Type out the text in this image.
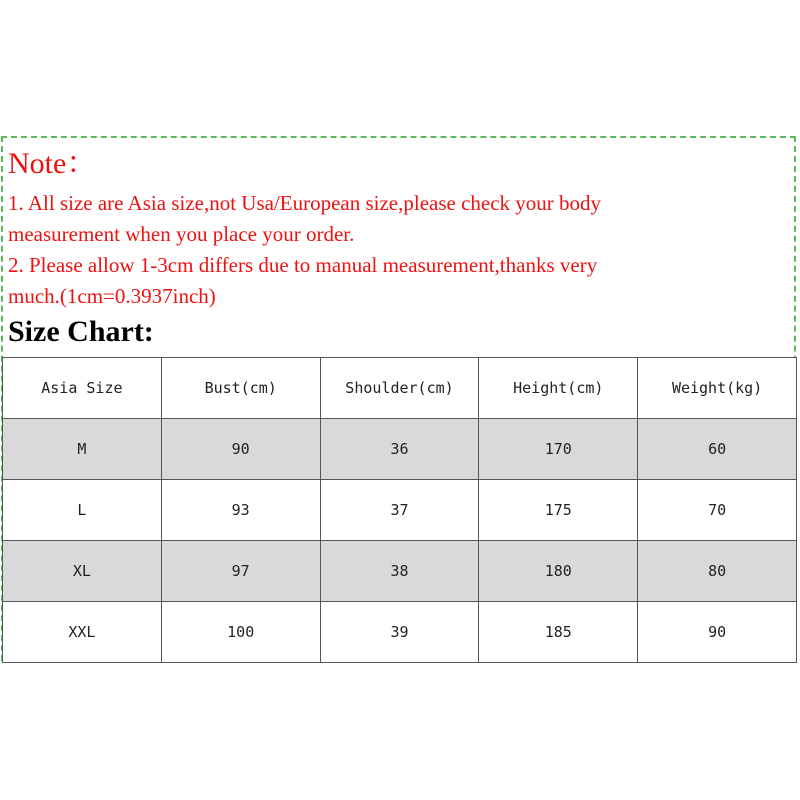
Note：
1. All size are Asia size,not Usa/European size,please check your body
measurement when you place your order.
2. Please allow 1-3cm differs due to manual measurement,thanks very
much.(1cm=0.3937inch)
Size Chart:
Asia Size	Bust(cm)	Shoulder(cm)	Height(cm)	Weight(kg)
M	90	36	170	60
L	93	37	175	70
XL	97	38	180	80
XXL	100	39	185	90
